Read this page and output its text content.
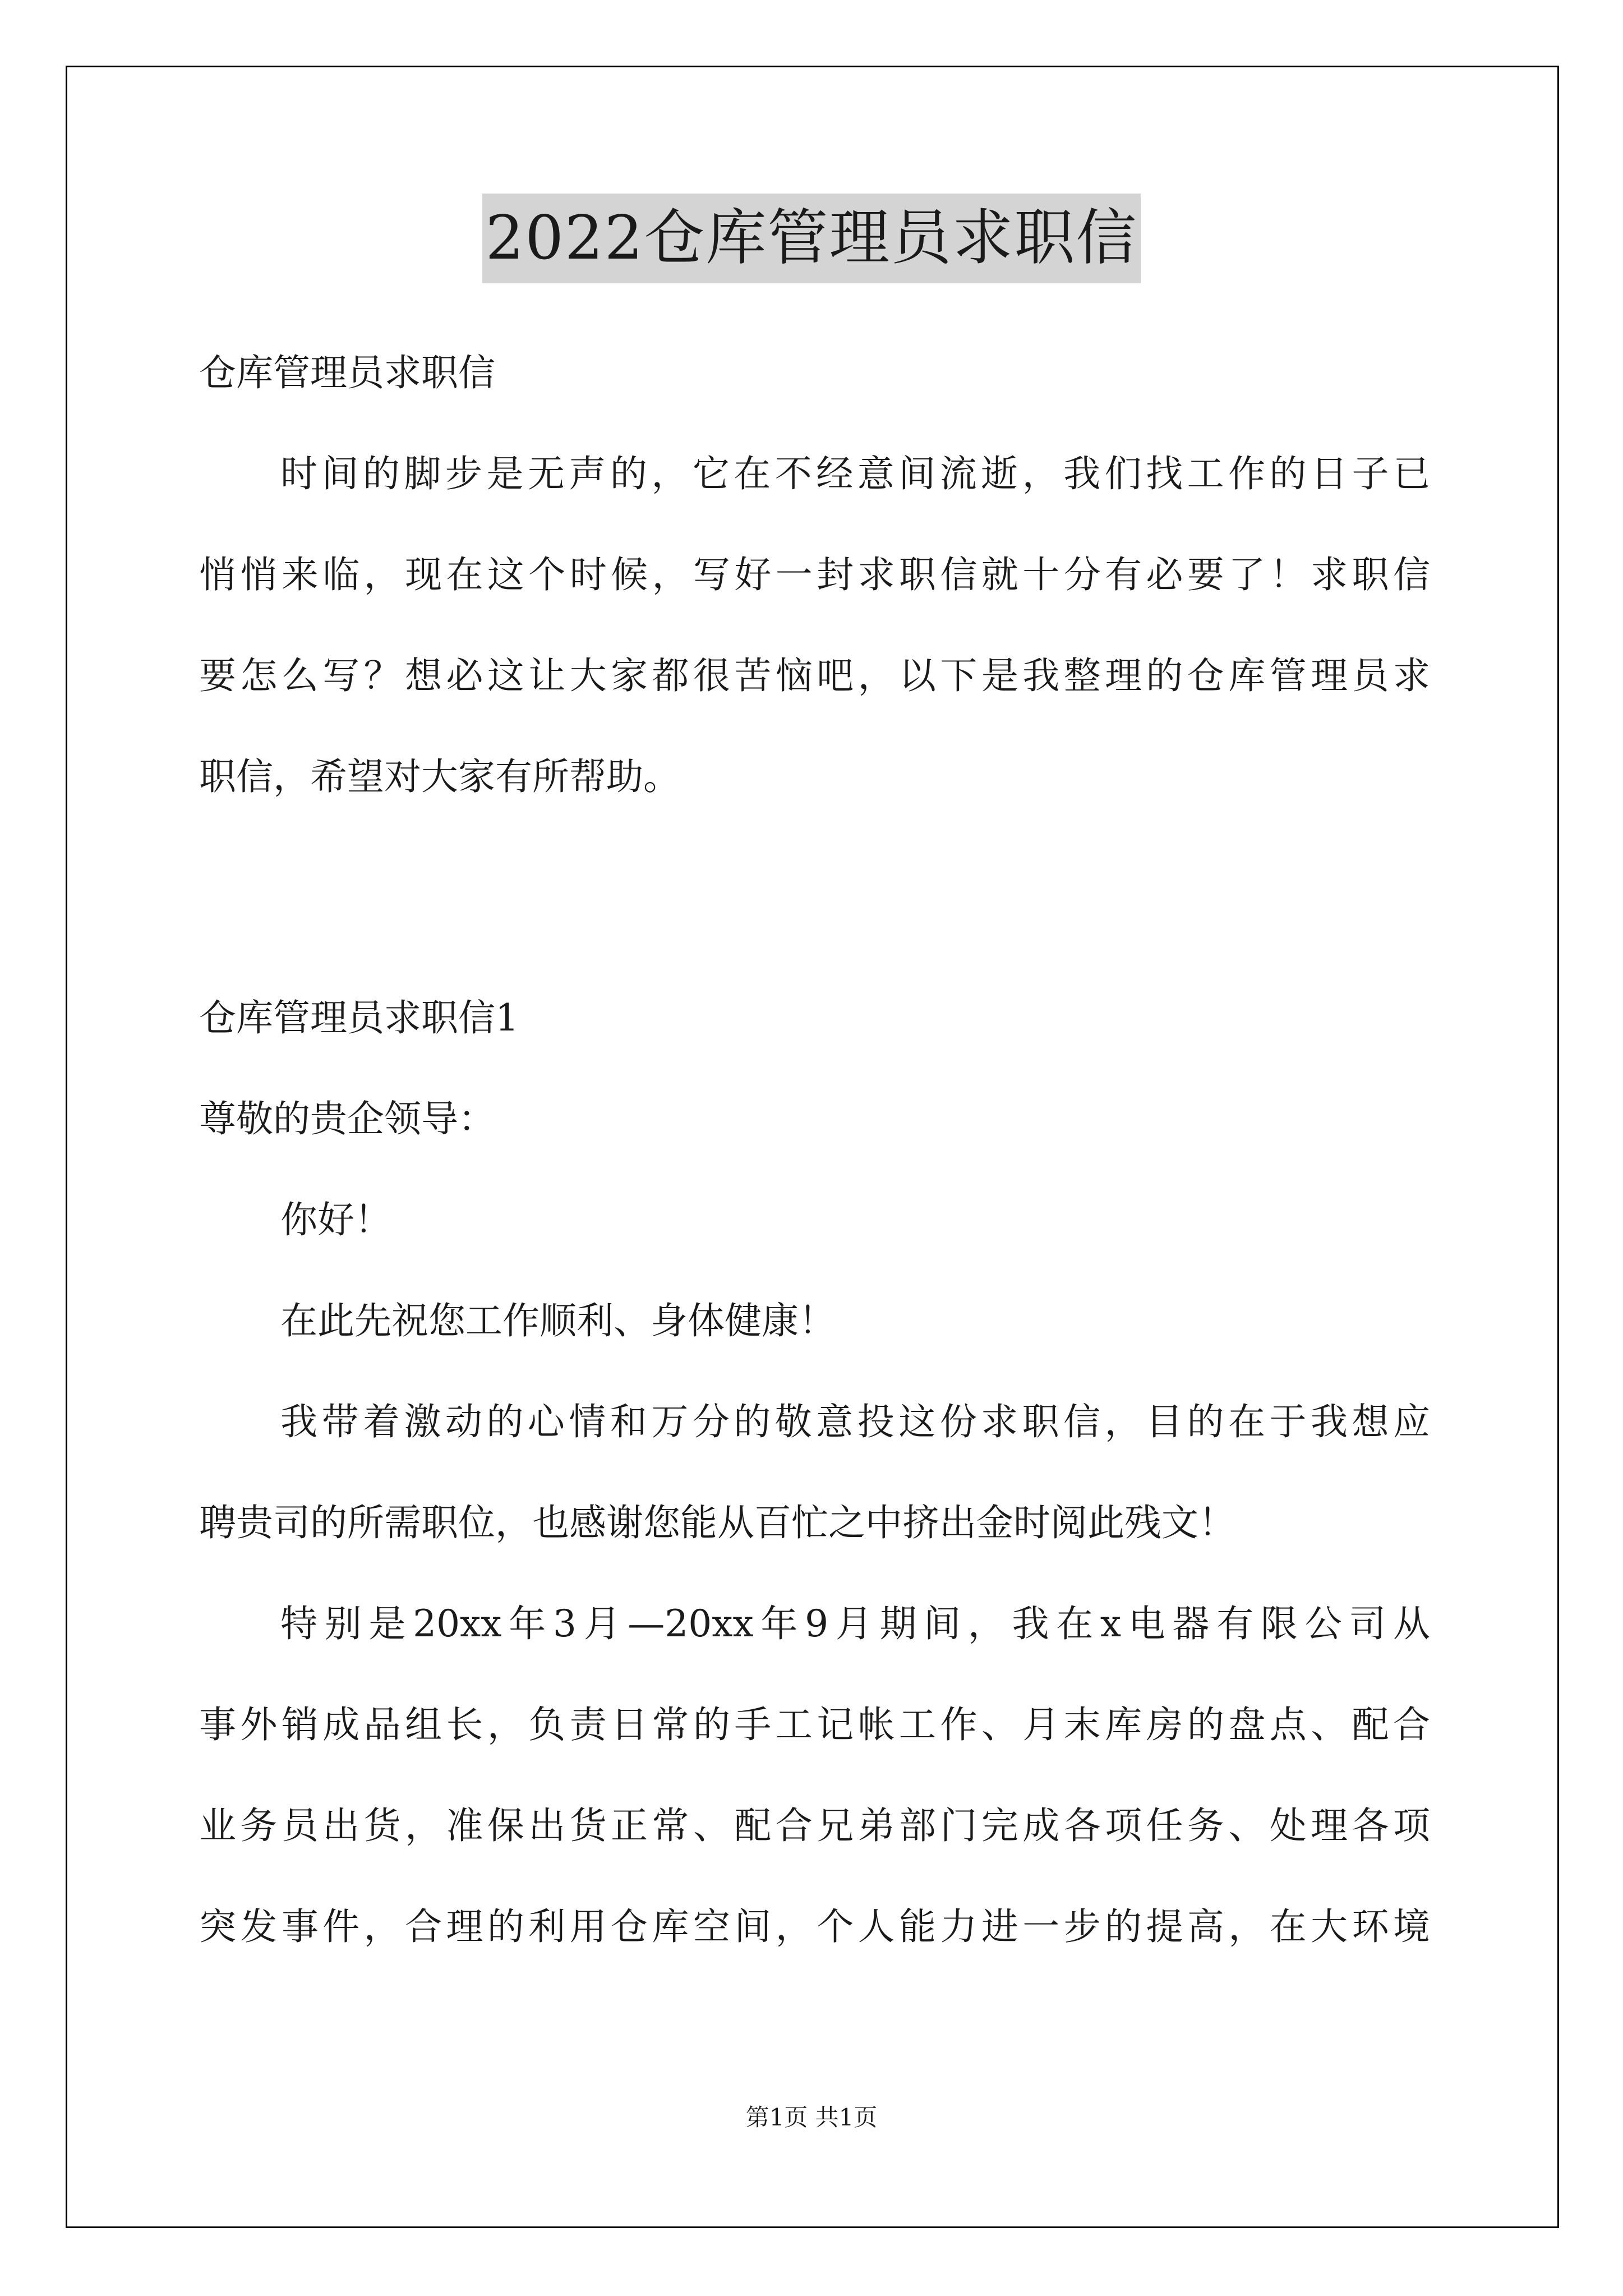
2022仓库管理员求职信

仓库管理员求职信

时间的脚步是无声的，它在不经意间流逝，我们找工作的日子已

悄悄来临，现在这个时候，写好一封求职信就十分有必要了！求职信

要怎么写？想必这让大家都很苦恼吧，以下是我整理的仓库管理员求

职信，希望对大家有所帮助。

仓库管理员求职信1

尊敬的贵企领导：

你好！

在此先祝您工作顺利、身体健康！

我带着激动的心情和万分的敬意投这份求职信，目的在于我想应

聘贵司的所需职位，也感谢您能从百忙之中挤出金时阅此残文！

特别是20xx年3月—20xx年9月期间，我在x电器有限公司从

事外销成品组长，负责日常的手工记帐工作、月末库房的盘点、配合

业务员出货，准保出货正常、配合兄弟部门完成各项任务、处理各项

突发事件，合理的利用仓库空间，个人能力进一步的提高，在大环境

第1页 共1页
